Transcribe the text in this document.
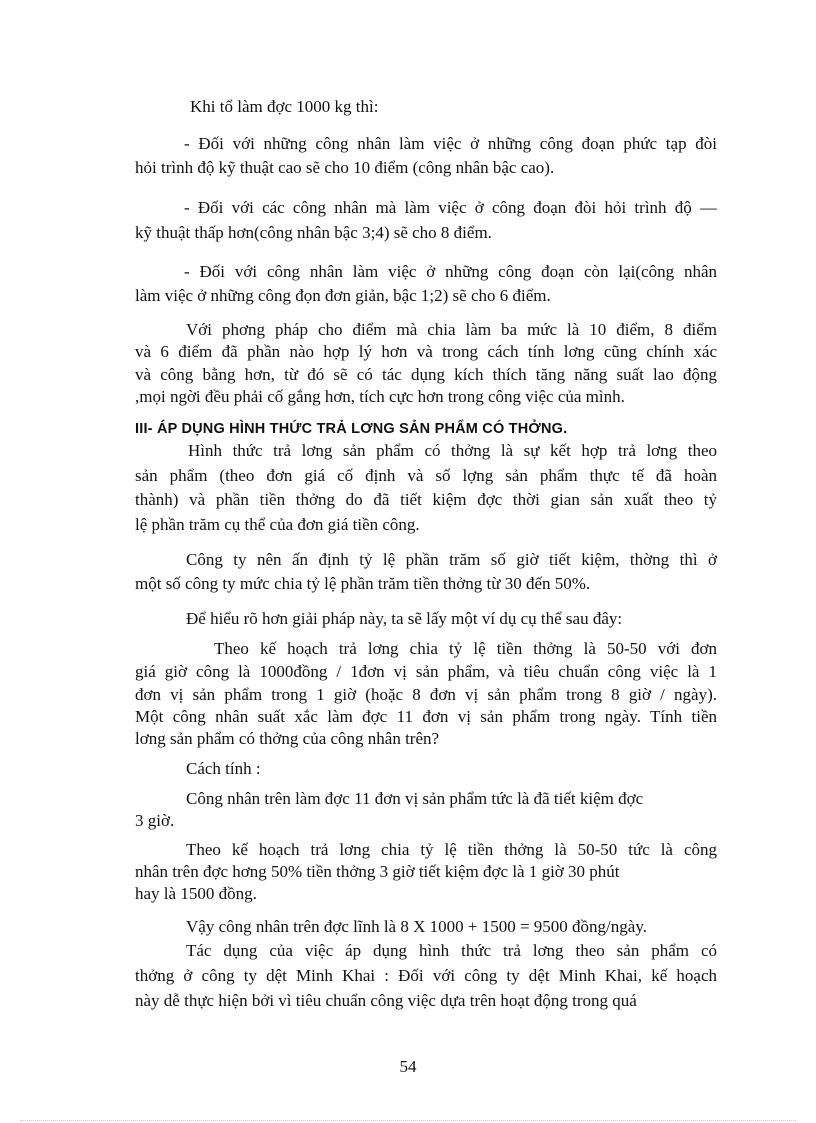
Khi tổ làm đợc 1000 kg thì:
- Đối với những công nhân làm việc ở những công đoạn phức tạp đòi
hỏi trình độ kỹ thuật cao sẽ cho 10 điểm (công nhân bậc cao).
- Đối với các công nhân mà làm việc ở công đoạn đòi hỏi trình độ —
kỹ thuật thấp hơn(công nhân bậc 3;4) sẽ cho 8 điểm.
- Đối với công nhân làm việc ở những công đoạn còn lại(công nhân
làm việc ở những công đọn đơn giản, bậc 1;2) sẽ cho 6 điểm.
Với phơng pháp cho điểm mà chia làm ba mức là 10 điểm, 8 điểm
và 6 điểm đã phần nào hợp lý hơn và trong cách tính lơng cũng chính xác
và công bằng hơn, từ đó sẽ có tác dụng kích thích tăng năng suất lao động
,mọi ngời đều phải cố gắng hơn, tích cực hơn trong công việc của mình.
III- ÁP DỤNG HÌNH THỨC TRẢ LƠNG SẢN PHẨM CÓ THỞNG.
Hình thức trả lơng sản phẩm có thởng là sự kết hợp trả lơng theo
sản phẩm (theo đơn giá cố định và số lợng sản phẩm thực tế đã hoàn
thành) và phần tiền thởng do đã tiết kiệm đợc thời gian sản xuất theo tỷ
lệ phần trăm cụ thể của đơn giá tiền công.
Công ty nên ấn định tỷ lệ phần trăm số giờ tiết kiệm, thờng thì ở
một số công ty mức chia tỷ lệ phần trăm tiền thởng từ 30 đến 50%.
Để hiểu rõ hơn giải pháp này, ta sẽ lấy một ví dụ cụ thể sau đây:
Theo kế hoạch trả lơng chia tỷ lệ tiền thởng là 50-50 với đơn
giá giờ công là 1000đồng / 1đơn vị sản phẩm, và tiêu chuẩn công việc là 1
đơn vị sản phẩm trong 1 giờ (hoặc 8 đơn vị sản phẩm trong 8 giờ / ngày).
Một công nhân suất xắc làm đợc 11 đơn vị sản phẩm trong ngày. Tính tiền
lơng sản phẩm có thởng của công nhân trên?
Cách tính :
Công nhân trên làm đợc 11 đơn vị sản phẩm tức là đã tiết kiệm đợc
3 giờ.
Theo kế hoạch trả lơng chia tỷ lệ tiền thởng là 50-50 tức là công
nhân trên đợc hơng 50% tiền thởng 3 giờ tiết kiệm đợc là 1 giờ 30 phút
hay là 1500 đồng.
Vậy công nhân trên đợc lĩnh là 8 X 1000 + 1500 = 9500 đồng/ngày.
Tác dụng của việc áp dụng hình thức trả lơng theo sản phẩm có
thởng ở công ty dệt Minh Khai : Đối với công ty dệt Minh Khai, kế hoạch
này dễ thực hiện bởi vì tiêu chuẩn công việc dựa trên hoạt động trong quá
54
